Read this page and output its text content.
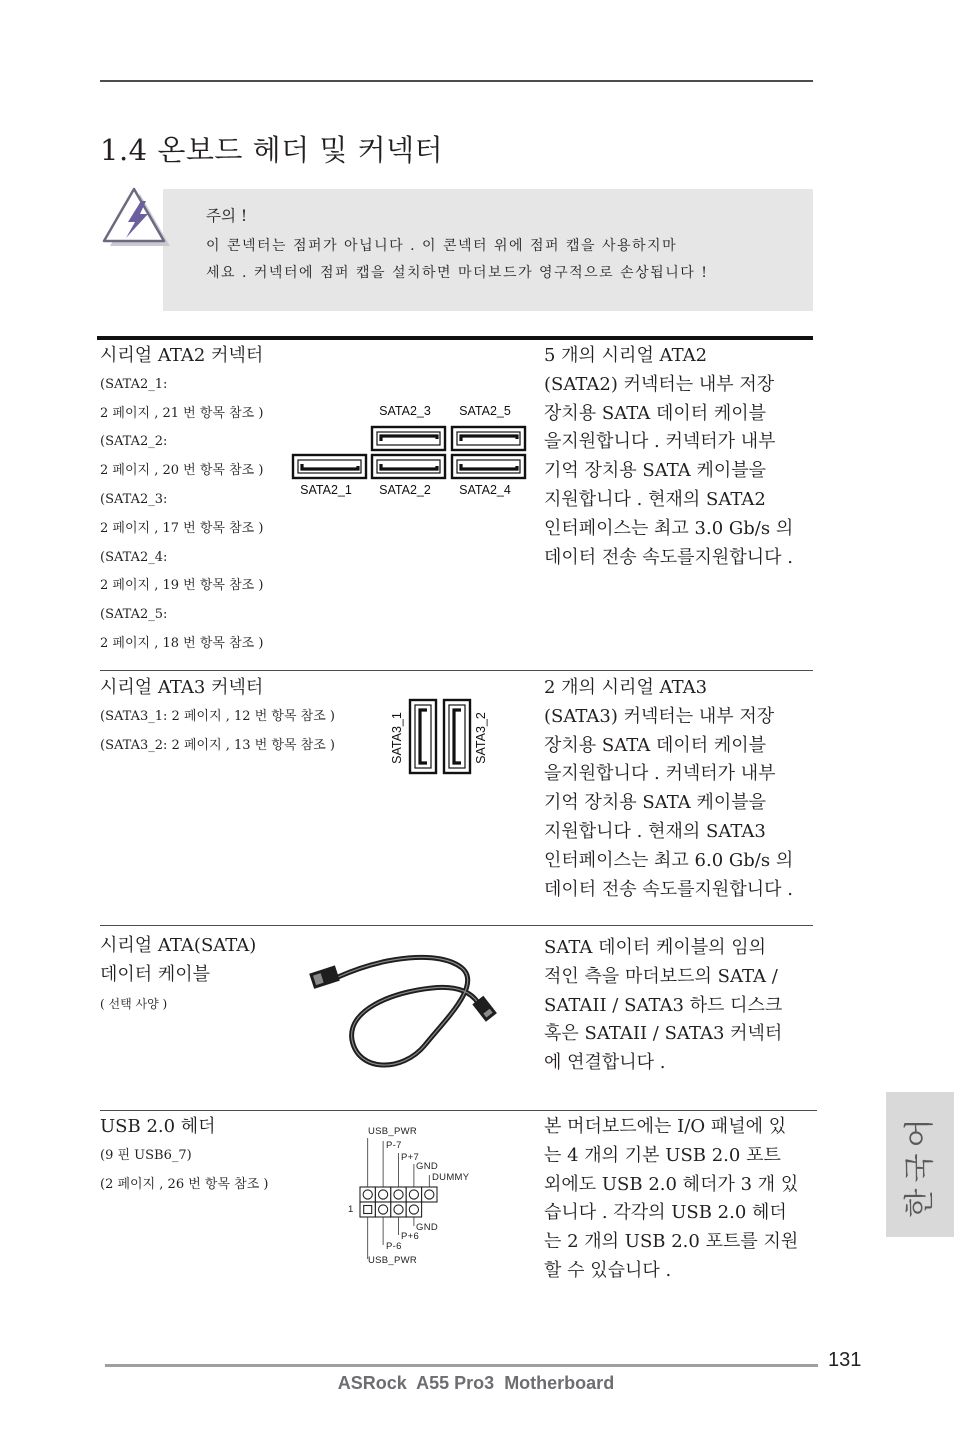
1.4 온보드 헤더 및 커넥터
주의 !
이 콘넥터는 점퍼가 아닙니다 . 이 콘넥터 위에 점퍼 캡을 사용하지마
세요 . 커넥터에 점퍼 캡을 설치하면 마더보드가 영구적으로 손상됩니다 !
시리얼 ATA2 커넥터
(SATA2_1:
2 페이지 , 21 번 항목 참조 )
(SATA2_2:
2 페이지 , 20 번 항목 참조 )
(SATA2_3:
2 페이지 , 17 번 항목 참조 )
(SATA2_4:
2 페이지 , 19 번 항목 참조 )
(SATA2_5:
2 페이지 , 18 번 항목 참조 )
SATA2_3	SATA2_5
SATA2_1	SATA2_2	SATA2_4
5 개의 시리얼 ATA2
(SATA2) 커넥터는 내부 저장
장치용 SATA 데이터 케이블
을지원합니다 . 커넥터가 내부
기억 장치용 SATA 케이블을
지원합니다 . 현재의 SATA2
인터페이스는 최고 3.0 Gb/s 의
데이터 전송 속도를지원합니다 .
시리얼 ATA3 커넥터
(SATA3_1: 2 페이지 , 12 번 항목 참조 )
(SATA3_2: 2 페이지 , 13 번 항목 참조 )	SATA3_1	SATA3_2
2 개의 시리얼 ATA3
(SATA3) 커넥터는 내부 저장
장치용 SATA 데이터 케이블
을지원합니다 . 커넥터가 내부
기억 장치용 SATA 케이블을
지원합니다 . 현재의 SATA3
인터페이스는 최고 6.0 Gb/s 의
데이터 전송 속도를지원합니다 .
시리얼 ATA(SATA)
데이터 케이블
( 선택 사양 )
SATA 데이터 케이블의 임의
적인 측을 마더보드의 SATA /
SATAII / SATA3 하드 디스크
혹은 SATAII / SATA3 커넥터
에 연결합니다 .
USB 2.0 헤더
(9 핀 USB6_7)
(2 페이지 , 26 번 항목 참조 )
USB_PWR
P-7
P+7
GND
DUMMY
1
GND
P+6
P-6
USB_PWR
본 머더보드에는 I/O 패널에 있
는 4 개의 기본 USB 2.0 포트
외에도 USB 2.0 헤더가 3 개 있
습니다 . 각각의 USB 2.0 헤더
는 2 개의 USB 2.0 포트를 지원
할 수 있습니다 .
한국어
131
ASRock  A55 Pro3  Motherboard
